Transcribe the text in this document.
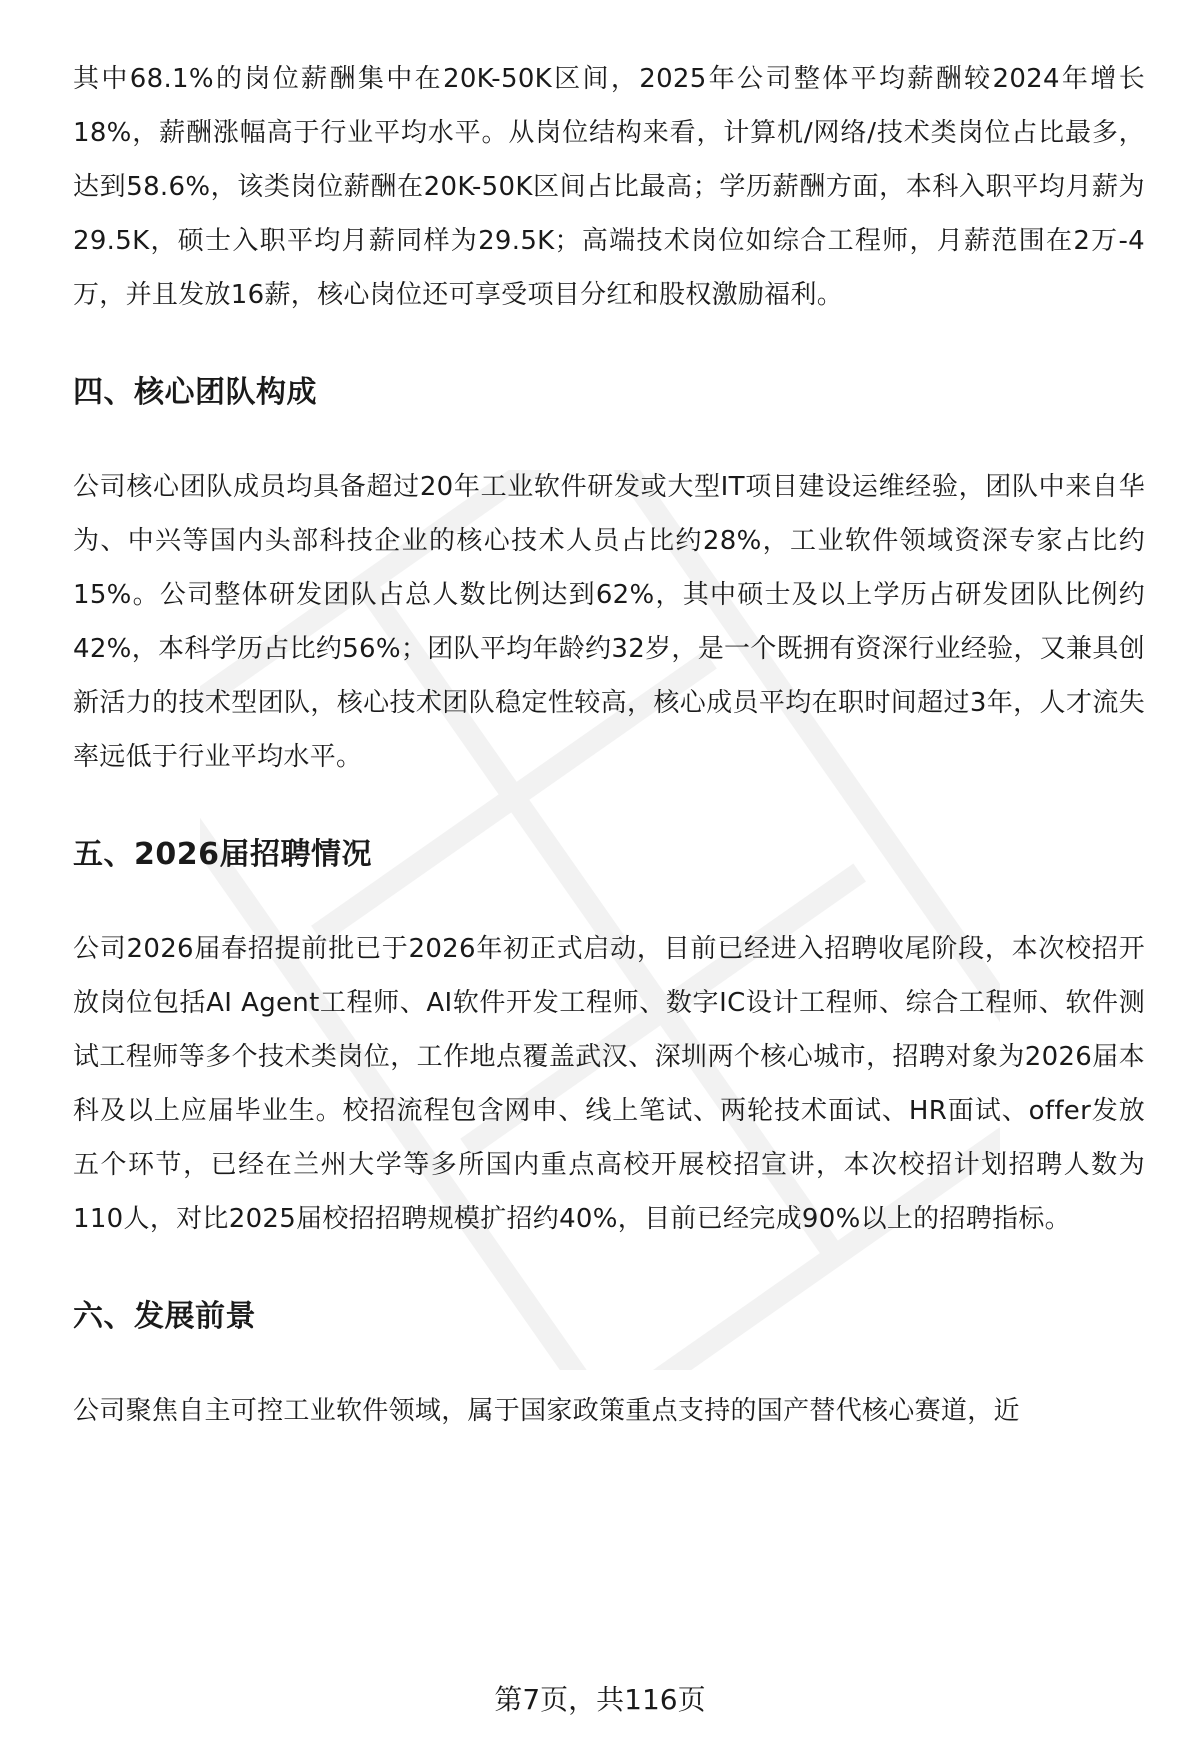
其中68.1%的岗位薪酬集中在20K-50K区间，2025年公司整体平均薪酬较2024年增长18%，薪酬涨幅高于行业平均水平。从岗位结构来看，计算机/网络/技术类岗位占比最多，达到58.6%，该类岗位薪酬在20K-50K区间占比最高；学历薪酬方面，本科入职平均月薪为29.5K，硕士入职平均月薪同样为29.5K；高端技术岗位如综合工程师，月薪范围在2万-4万，并且发放16薪，核心岗位还可享受项目分红和股权激励福利。

四、核心团队构成

公司核心团队成员均具备超过20年工业软件研发或大型IT项目建设运维经验，团队中来自华为、中兴等国内头部科技企业的核心技术人员占比约28%，工业软件领域资深专家占比约15%。公司整体研发团队占总人数比例达到62%，其中硕士及以上学历占研发团队比例约42%，本科学历占比约56%；团队平均年龄约32岁，是一个既拥有资深行业经验，又兼具创新活力的技术型团队，核心技术团队稳定性较高，核心成员平均在职时间超过3年，人才流失率远低于行业平均水平。

五、2026届招聘情况

公司2026届春招提前批已于2026年初正式启动，目前已经进入招聘收尾阶段，本次校招开放岗位包括AI Agent工程师、AI软件开发工程师、数字IC设计工程师、综合工程师、软件测试工程师等多个技术类岗位，工作地点覆盖武汉、深圳两个核心城市，招聘对象为2026届本科及以上应届毕业生。校招流程包含网申、线上笔试、两轮技术面试、HR面试、offer发放五个环节，已经在兰州大学等多所国内重点高校开展校招宣讲，本次校招计划招聘人数为110人，对比2025届校招招聘规模扩招约40%，目前已经完成90%以上的招聘指标。

六、发展前景

公司聚焦自主可控工业软件领域，属于国家政策重点支持的国产替代核心赛道，近

第7页，共116页
